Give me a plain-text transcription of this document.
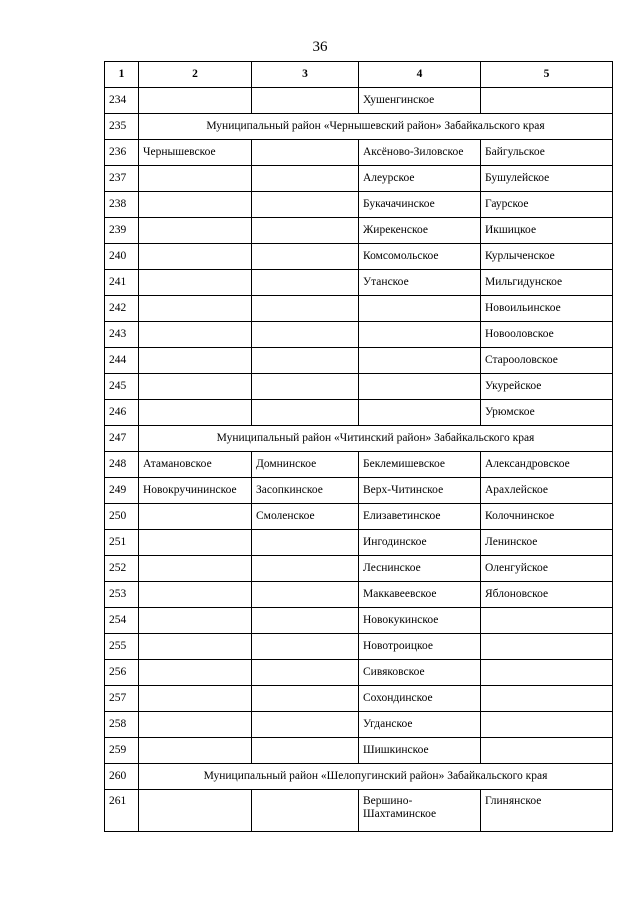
36
1	2	3	4	5
234			Хушенгинское	
235	Муниципальный район «Чернышевский район» Забайкальского края			
236	Чернышевское		Аксёново-Зиловское	Байгульское
237			Алеурское	Бушулейское
238			Букачачинское	Гаурское
239			Жирекенское	Икшицкое
240			Комсомольское	Курлыченское
241			Утанское	Мильгидунское
242				Новоильинское
243				Новооловское
244				Старооловское
245				Укурейское
246				Урюмское
247	Муниципальный район «Читинский район» Забайкальского края			
248	Атамановское	Домнинское	Беклемишевское	Александровское
249	Новокручининское	Засопкинское	Верх-Читинское	Арахлейское
250		Смоленское	Елизаветинское	Колочнинское
251			Ингодинское	Ленинское
252			Леснинское	Оленгуйское
253			Маккавеевское	Яблоновское
254			Новокукинское	
255			Новотроицкое	
256			Сивяковское	
257			Сохондинское	
258			Угданское	
259			Шишкинское	
260	Муниципальный район «Шелопугинский район» Забайкальского края			
261			Вершино-Шахтаминское	Глинянское
